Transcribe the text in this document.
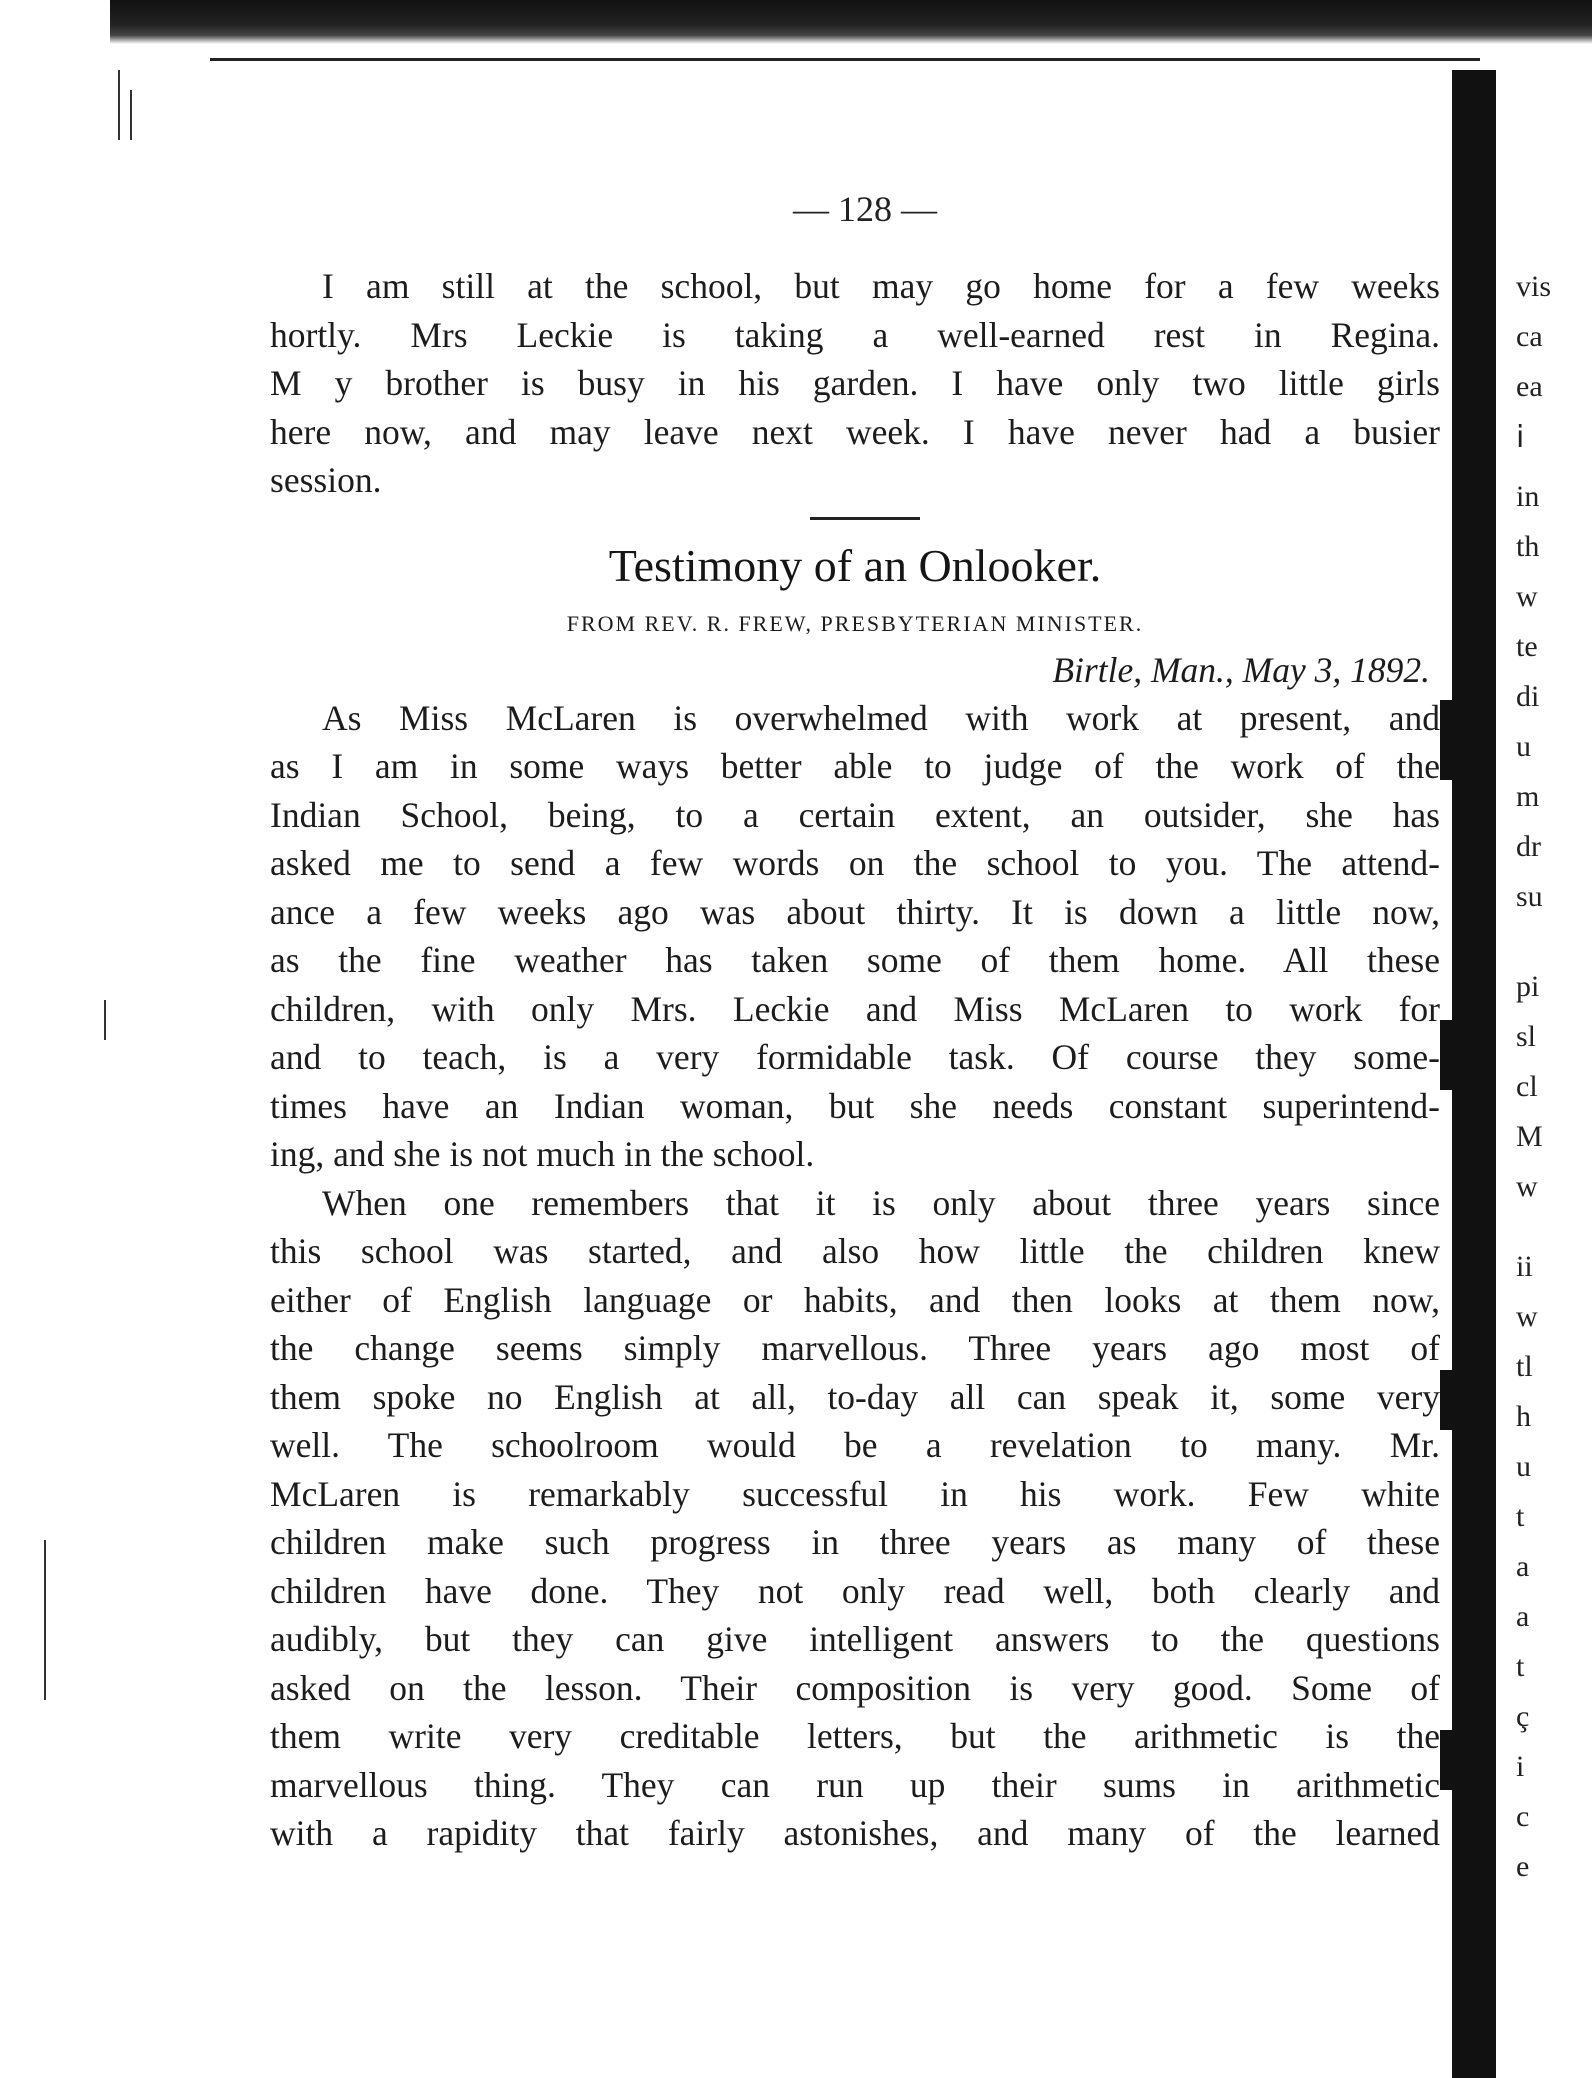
— 128 —

I am still at the school, but may go home for a few weeks
hortly. Mrs Leckie is taking a well-earned rest in Regina.
M y brother is busy in his garden. I have only two little girls
here now, and may leave next week. I have never had a busier
session.

Testimony of an Onlooker.
FROM REV. R. FREW, PRESBYTERIAN MINISTER.
Birtle, Man., May 3, 1892.

As Miss McLaren is overwhelmed with work at present, and
as I am in some ways better able to judge of the work of the
Indian School, being, to a certain extent, an outsider, she has
asked me to send a few words on the school to you. The attend-
ance a few weeks ago was about thirty. It is down a little now,
as the fine weather has taken some of them home. All these
children, with only Mrs. Leckie and Miss McLaren to work for
and to teach, is a very formidable task. Of course they some-
times have an Indian woman, but she needs constant superintend-
ing, and she is not much in the school.

When one remembers that it is only about three years since
this school was started, and also how little the children knew
either of English language or habits, and then looks at them now,
the change seems simply marvellous. Three years ago most of
them spoke no English at all, to-day all can speak it, some very
well. The schoolroom would be a revelation to many. Mr.
McLaren is remarkably successful in his work. Few white
children make such progress in three years as many of these
children have done. They not only read well, both clearly and
audibly, but they can give intelligent answers to the questions
asked on the lesson. Their composition is very good. Some of
them write very creditable letters, but the arithmetic is the
marvellous thing. They can run up their sums in arithmetic
with a rapidity that fairly astonishes, and many of the learned

vis
ca
ea
ⅰ
in
th
w
te
di
u
m
dr
su
pi
sl
cl
M
w
ii
w
tl
h
u
t
a
a
t
ç
i
c
e
